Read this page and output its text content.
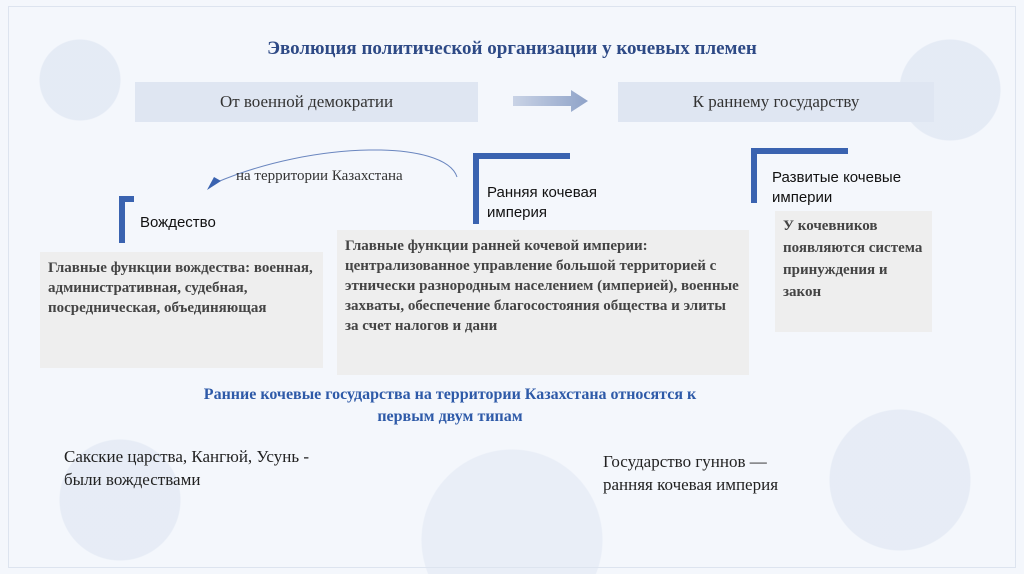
Эволюция политической организации у кочевых племен
От военной демократии	К раннему государству
на территории Казахстана
Вождество
Главные функции вождества: военная, административная, судебная, посредническая, объединяющая
Ранняя кочевая
империя
Главные функции ранней кочевой империи: централизованное управление большой территорией с этнически разнородным населением (империей), военные захваты, обеспечение благосостояния общества и элиты за счет налогов и дани
Развитые кочевые
империи
У кочевников появляются система принуждения и закон
Ранние кочевые государства на территории Казахстана относятся к
первым двум типам
Сакские царства, Кангюй, Усунь -
были вождествами
Государство гуннов —
ранняя кочевая империя
